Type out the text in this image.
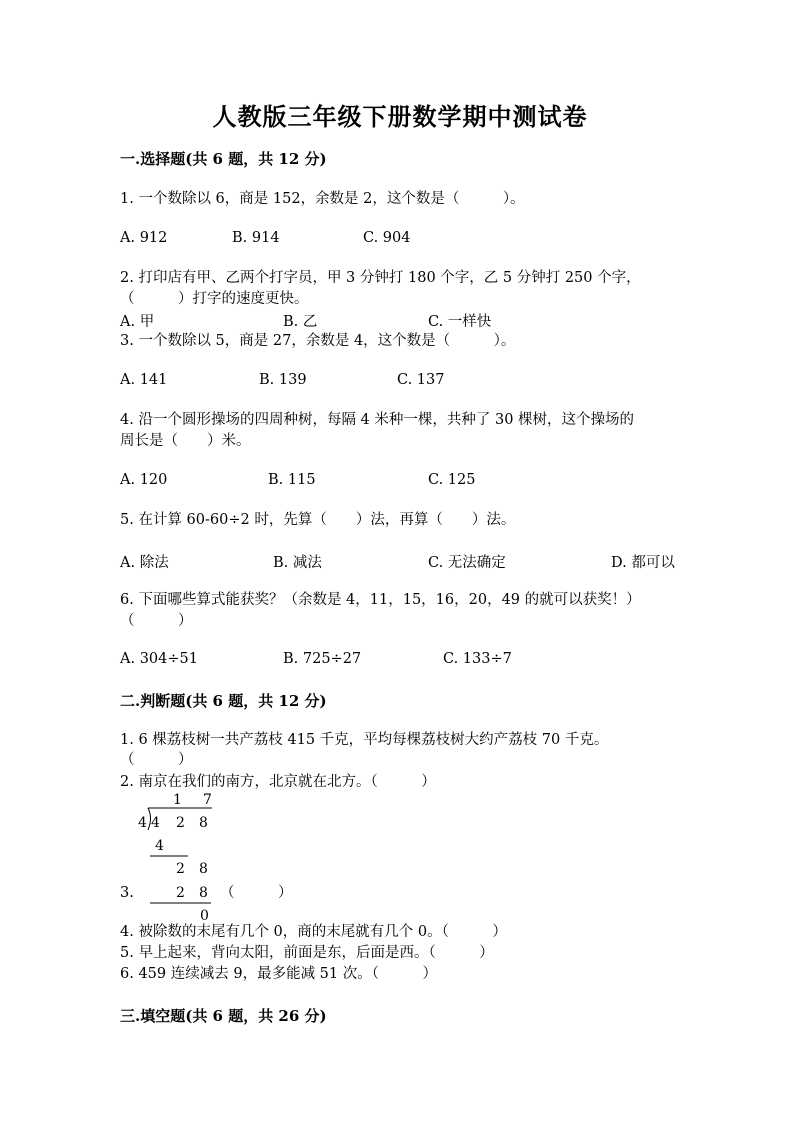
人教版三年级下册数学期中测试卷
一.选择题(共 6 题，共 12 分)
1. 一个数除以 6，商是 152，余数是 2，这个数是（　　　）。
A. 912	B. 914	C. 904
2. 打印店有甲、乙两个打字员，甲 3 分钟打 180 个字，乙 5 分钟打 250 个字，
（　　　）打字的速度更快。
A. 甲	B. 乙	C. 一样快
3. 一个数除以 5，商是 27，余数是 4，这个数是（　　　）。
A. 141	B. 139	C. 137
4. 沿一个圆形操场的四周种树，每隔 4 米种一棵，共种了 30 棵树，这个操场的
周长是（　　）米。
A. 120	B. 115	C. 125
5. 在计算 60-60÷2 时，先算（　　）法，再算（　　）法。
A. 除法	B. 减法	C. 无法确定	D. 都可以
6. 下面哪些算式能获奖？（余数是 4，11，15，16，20，49 的就可以获奖！）
（　　　）
A. 304÷51	B. 725÷27	C. 133÷7
二.判断题(共 6 题，共 12 分)
1. 6 棵荔枝树一共产荔枝 415 千克，平均每棵荔枝树大约产荔枝 70 千克。
（　　　）
2. 南京在我们的南方，北京就在北方。（　　　）
1 7
4 4 2 8
4
2 8
2 8
0
3.	（　　　）
4. 被除数的末尾有几个 0，商的末尾就有几个 0。（　　　）
5. 早上起来，背向太阳，前面是东，后面是西。（　　　）
6. 459 连续减去 9，最多能减 51 次。（　　　）
三.填空题(共 6 题，共 26 分)
